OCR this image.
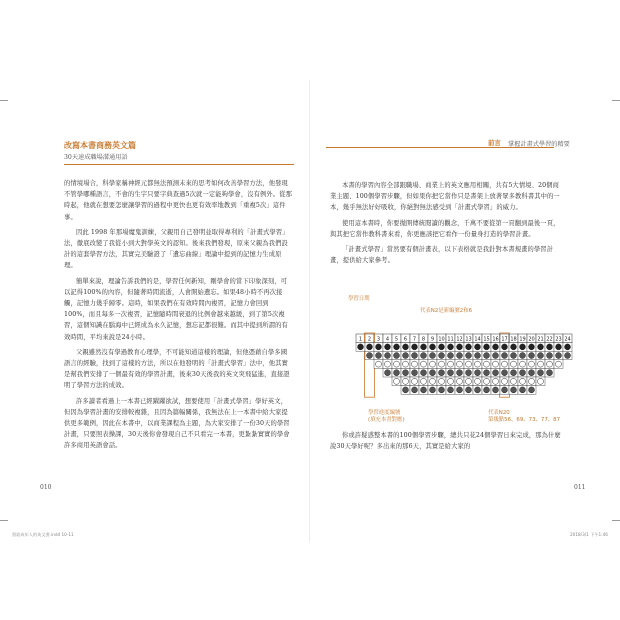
改寫本書商務英文篇
30天速成職場溝通用語

的情境場合，科學家稱神經元都無法預測未來的思考如何改善學習方法，他發現不管學哪種語言，不會的生字只要字典查過5次就一定能夠學會，沒有例外。從那時起，他就在想要怎麼讓學習的過程中更快也更有效率地教到「重複5次」這件事。

因此 1998 年那場魔鬼訓練，父親用自己發明並取得專利的「計畫式學習」法，徹底改變了我從小到大對學英文的認知。後來我們發現，原來父親為我們設計的這套學習方法，其實完美驗證了「遺忘曲線」理論中提到的記憶力生成原理。

簡單來說，理論告訴我們的是，學習任何新知，剛學會的當下印象深刻，可以記得100%的內容，但隨著時間流逝，人會開始遺忘。如果48小時不再次接觸，記憶力幾乎歸零。這時，如果我們在有效時間內複習，記憶力會回到100%，而且每多一次複習，記憶隨時間衰退的比例會越來越緩，到了第5次複習，這個知識在腦海中已經成為永久記憶，想忘記都很難。而其中提到所謂的有效時間，平均來說是24小時。

父親雖然沒有學過教育心理學，不可能知道這樣的理論，但他憑藉自學多國語言的經驗，找到了這樣的方法，所以在他發明的「計畫式學習」法中，他其實是幫我們安排了一個最有效的學習計畫，後來30天後我的英文突飛猛進，直接證明了學習方法的成效。

許多讀者看過上一本書已經躍躍欲試，想要使用「計畫式學習」學好英文，但因為學習計畫的安排較複雜，且因為篇幅關係，我無法在上一本書中給大家提供更多範例，因此在本書中，以商業課程為主題，為大家安排了一份30天的學習計畫，只要照表操課，30天後你會發現自己不只看完一本書，更紮紮實實的學會許多商用英語會話。

010
寫給成年人的英文書.indd 10-11
前言 掌握計畫式學習的精要

本書的學習內容全部跟職場、商業上的英文應用相關，共有5大情境、20個商業主題、100個學習步驟，但如果你把它當作只是書架上放著眾多教科書其中的一本，幾乎無法好好吸收，你絕對無法感受到「計畫式學習」的威力。

使用這本書時，你要拋開傳統閱讀的觀念，千萬不要從第一頁翻到最後一頁，與其把它當作教科書來看，你更應該把它看作一份量身打造的學習計畫。

「計畫式學習」當然要有個計畫表，以下表格就是我針對本書規畫的學習計畫，提供給大家參考。

學習日期
代表N2是新編號2和6
學習進度編號
(填充本書對應)
代表N20
第幾點56、69、73、77、87
1 2 3 4 5 6 7 8 9 10 11 12 13 14 15 16 17 18 19 20 21 22 23 24

你或許疑惑整本書的100個學習步驟，總共只花24個學習日來完成，那為什麼說30天學好呢？多出來的那6天，其實是給大家的

011
2018/3/1 下午1:46
